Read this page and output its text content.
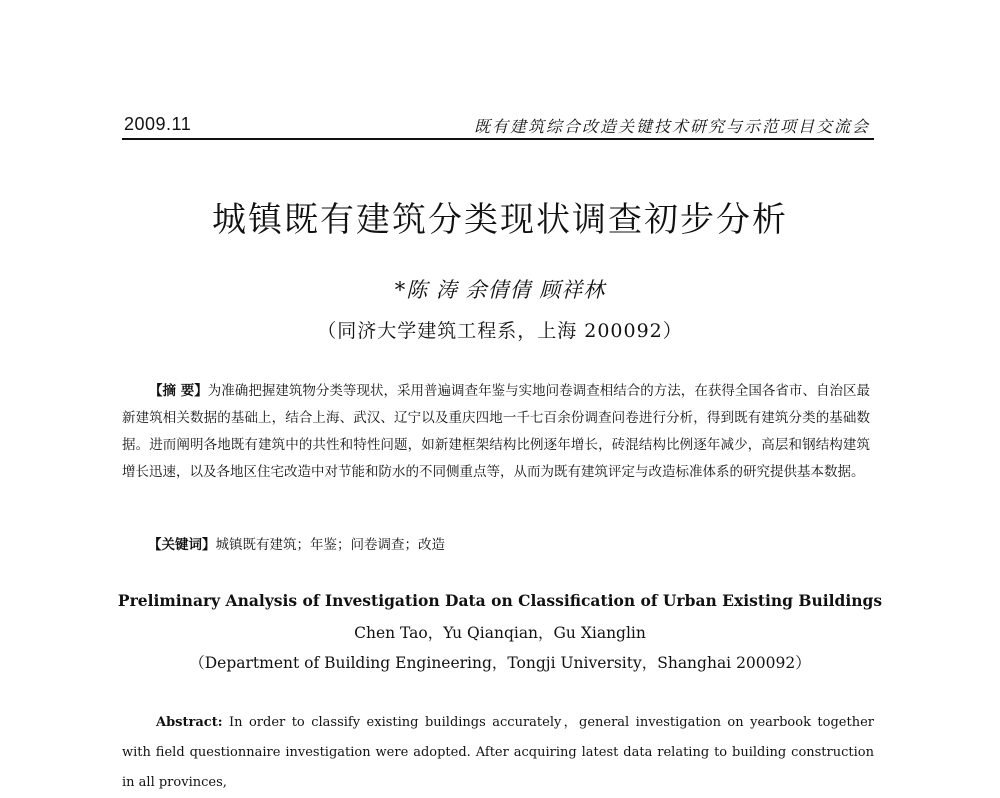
2009.11	既有建筑综合改造关键技术研究与示范项目交流会
城镇既有建筑分类现状调查初步分析
*陈 涛 余倩倩 顾祥林
（同济大学建筑工程系，上海 200092）
【摘 要】为准确把握建筑物分类等现状，采用普遍调查年鉴与实地问卷调查相结合的方法，在获得全国各省市、自治区最新建筑相关数据的基础上，结合上海、武汉、辽宁以及重庆四地一千七百余份调查问卷进行分析，得到既有建筑分类的基础数据。进而阐明各地既有建筑中的共性和特性问题，如新建框架结构比例逐年增长，砖混结构比例逐年减少，高层和钢结构建筑增长迅速，以及各地区住宅改造中对节能和防水的不同侧重点等，从而为既有建筑评定与改造标准体系的研究提供基本数据。
【关键词】城镇既有建筑；年鉴；问卷调查；改造
Preliminary Analysis of Investigation Data on Classification of Urban Existing Buildings
Chen Tao，Yu Qianqian，Gu Xianglin
（Department of Building Engineering，Tongji University，Shanghai 200092）
Abstract: In order to classify existing buildings accurately，general investigation on yearbook together with field questionnaire investigation were adopted. After acquiring latest data relating to building construction in all provinces,
